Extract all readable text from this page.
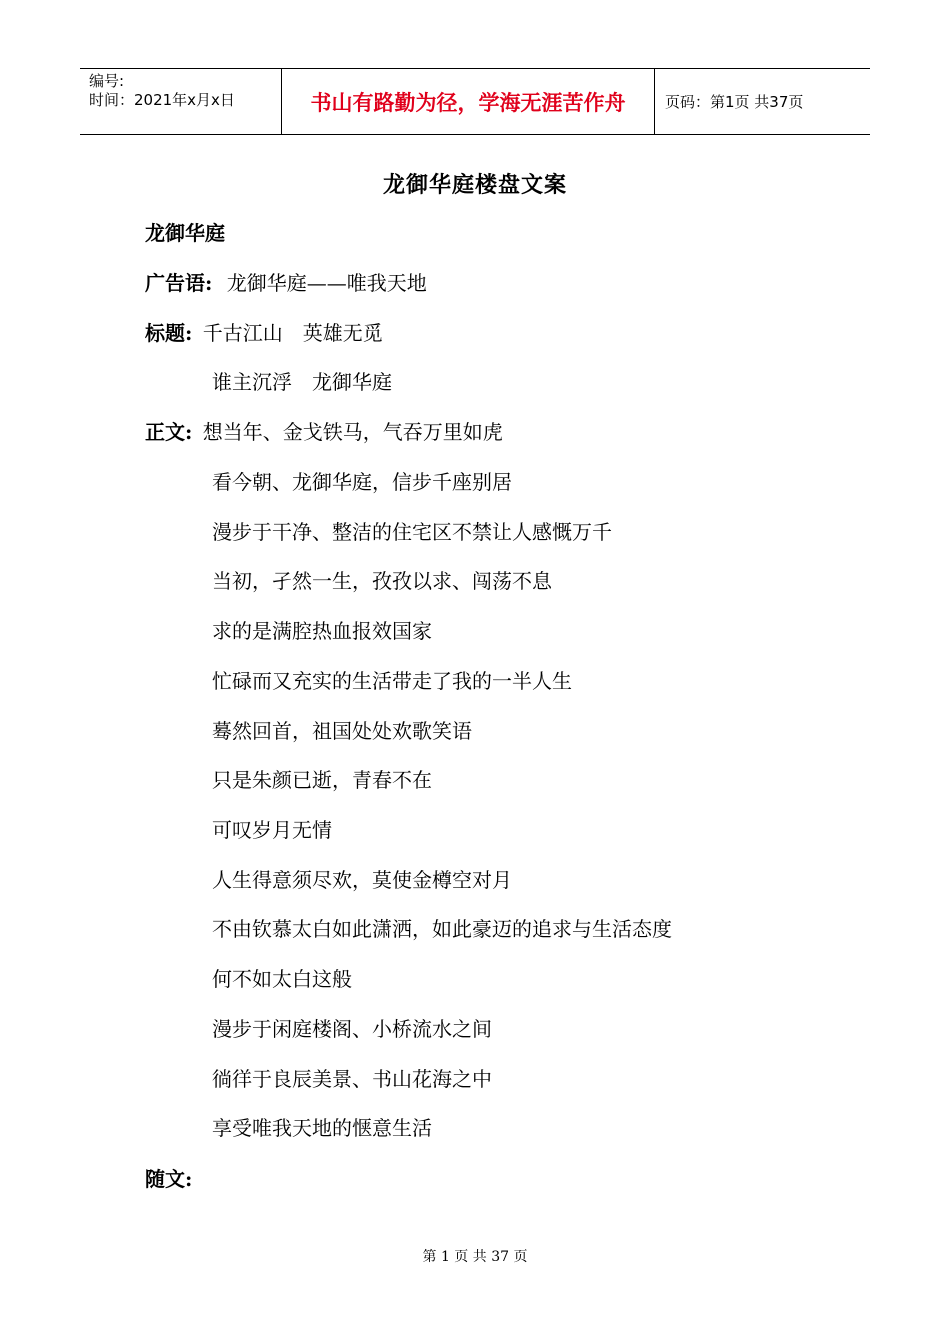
编号:
时间：2021年x月x日	书山有路勤为径，学海无涯苦作舟	页码：第1页 共37页
龙御华庭楼盘文案
龙御华庭
广告语: 龙御华庭——唯我天地
标题: 千古江山　英雄无觅
谁主沉浮　龙御华庭
正文: 想当年、金戈铁马，气吞万里如虎
看今朝、龙御华庭，信步千座别居
漫步于干净、整洁的住宅区不禁让人感慨万千
当初，孑然一生，孜孜以求、闯荡不息
求的是满腔热血报效国家
忙碌而又充实的生活带走了我的一半人生
蓦然回首，祖国处处欢歌笑语
只是朱颜已逝，青春不在
可叹岁月无情
人生得意须尽欢，莫使金樽空对月
不由钦慕太白如此潇洒，如此豪迈的追求与生活态度
何不如太白这般
漫步于闲庭楼阁、小桥流水之间
徜徉于良辰美景、书山花海之中
享受唯我天地的惬意生活
随文:
第 1 页 共 37 页
